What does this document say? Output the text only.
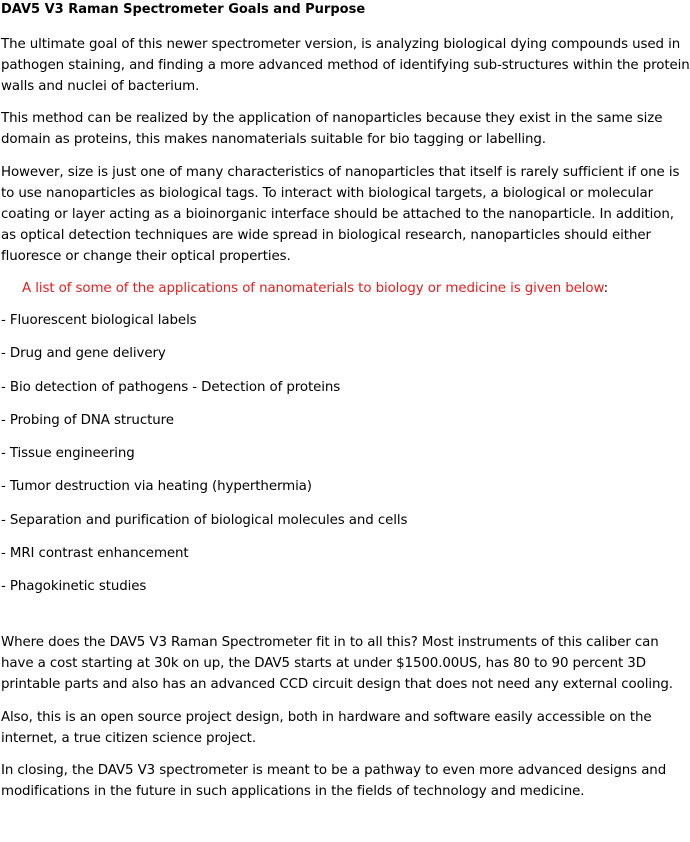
DAV5 V3 Raman Spectrometer Goals and Purpose

The ultimate goal of this newer spectrometer version, is analyzing biological dying compounds used in pathogen staining, and finding a more advanced method of identifying sub-structures within the protein walls and nuclei of bacterium.

This method can be realized by the application of nanoparticles because they exist in the same size domain as proteins, this makes nanomaterials suitable for bio tagging or labelling.

However, size is just one of many characteristics of nanoparticles that itself is rarely sufficient if one is to use nanoparticles as biological tags. To interact with biological targets, a biological or molecular coating or layer acting as a bioinorganic interface should be attached to the nanoparticle. In addition, as optical detection techniques are wide spread in biological research, nanoparticles should either fluoresce or change their optical properties.

A list of some of the applications of nanomaterials to biology or medicine is given below:

- Fluorescent biological labels
- Drug and gene delivery
- Bio detection of pathogens - Detection of proteins
- Probing of DNA structure
- Tissue engineering
- Tumor destruction via heating (hyperthermia)
- Separation and purification of biological molecules and cells
- MRI contrast enhancement
- Phagokinetic studies

Where does the DAV5 V3 Raman Spectrometer fit in to all this? Most instruments of this caliber can have a cost starting at 30k on up, the DAV5 starts at under $1500.00US, has 80 to 90 percent 3D printable parts and also has an advanced CCD circuit design that does not need any external cooling.

Also, this is an open source project design, both in hardware and software easily accessible on the internet, a true citizen science project.

In closing, the DAV5 V3 spectrometer is meant to be a pathway to even more advanced designs and modifications in the future in such applications in the fields of technology and medicine.
